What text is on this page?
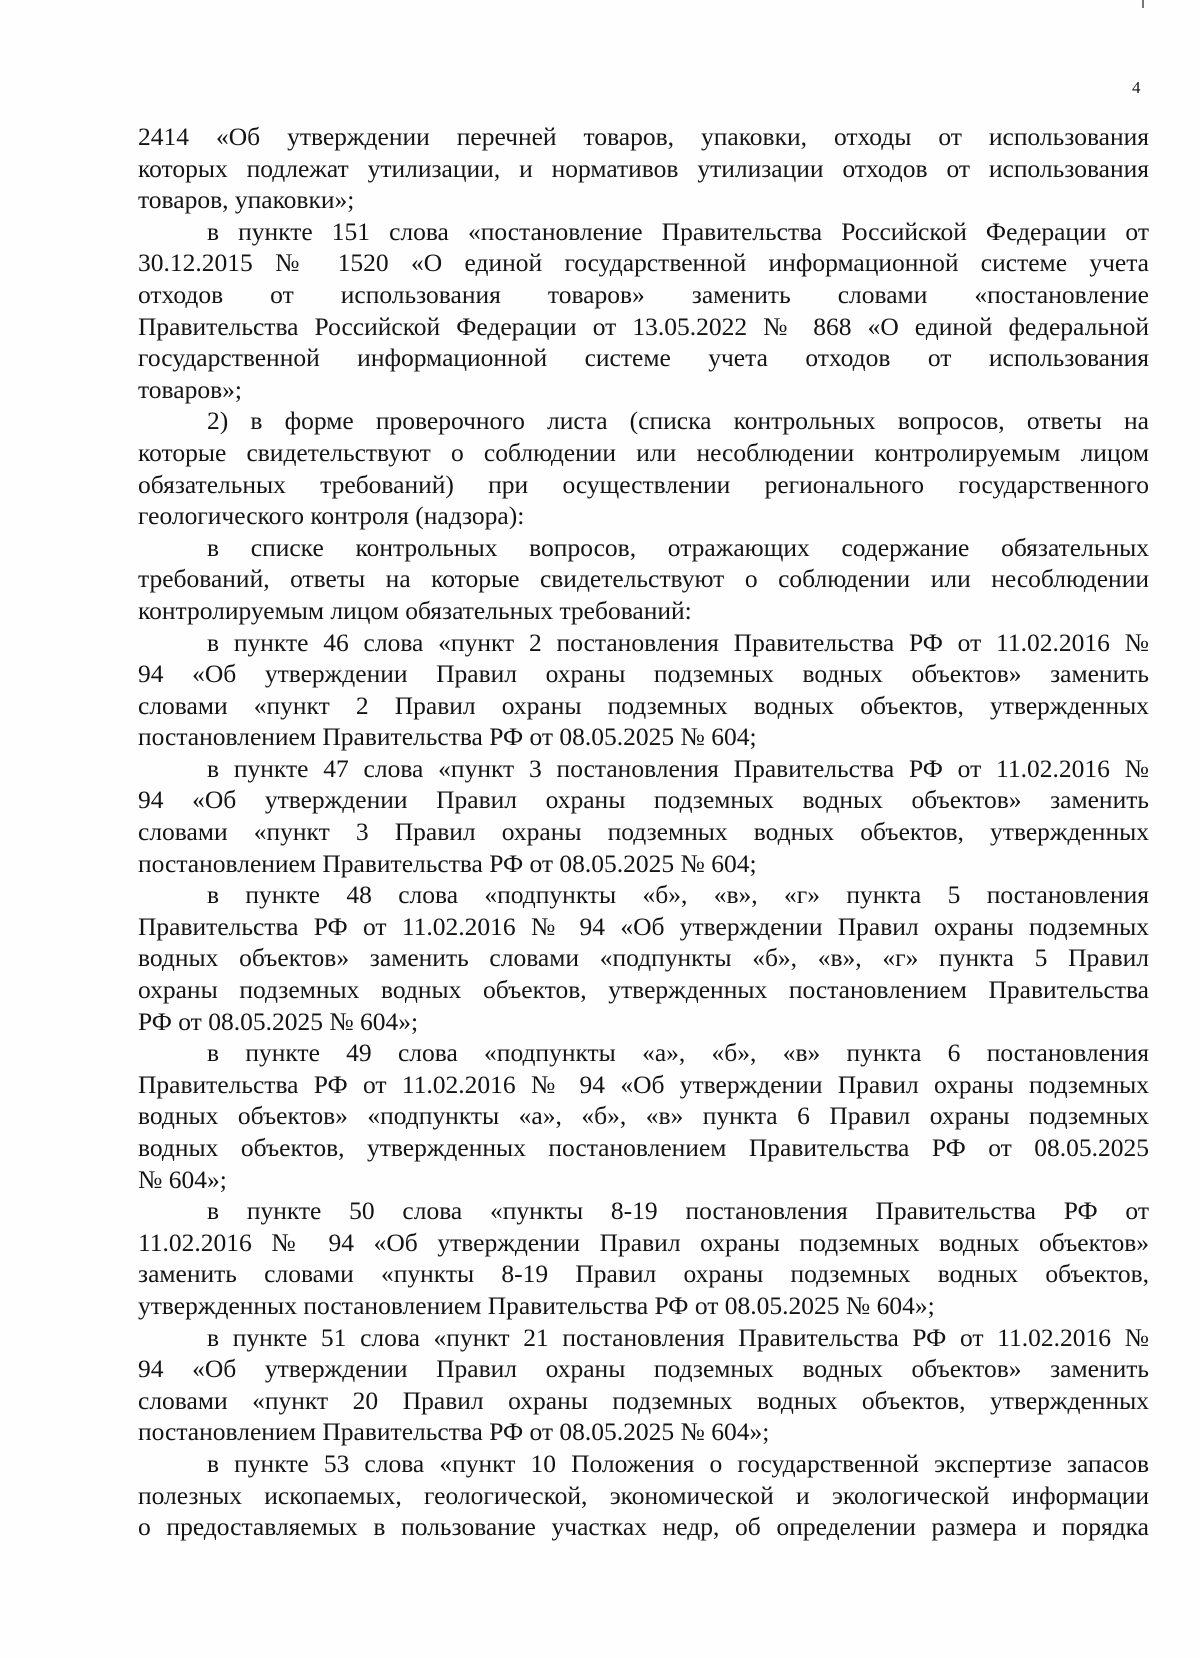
4
2414 «Об утверждении перечней товаров, упаковки, отходы от использования
которых подлежат утилизации, и нормативов утилизации отходов от использования
товаров, упаковки»;
в пункте 151 слова «постановление Правительства Российской Федерации от
30.12.2015 № 1520 «О единой государственной информационной системе учета
отходов от использования товаров» заменить словами «постановление
Правительства Российской Федерации от 13.05.2022 № 868 «О единой федеральной
государственной информационной системе учета отходов от использования
товаров»;
2) в форме проверочного листа (списка контрольных вопросов, ответы на
которые свидетельствуют о соблюдении или несоблюдении контролируемым лицом
обязательных требований) при осуществлении регионального государственного
геологического контроля (надзора):
в списке контрольных вопросов, отражающих содержание обязательных
требований, ответы на которые свидетельствуют о соблюдении или несоблюдении
контролируемым лицом обязательных требований:
в пункте 46 слова «пункт 2 постановления Правительства РФ от 11.02.2016 №
94 «Об утверждении Правил охраны подземных водных объектов» заменить
словами «пункт 2 Правил охраны подземных водных объектов, утвержденных
постановлением Правительства РФ от 08.05.2025 № 604;
в пункте 47 слова «пункт 3 постановления Правительства РФ от 11.02.2016 №
94 «Об утверждении Правил охраны подземных водных объектов» заменить
словами «пункт 3 Правил охраны подземных водных объектов, утвержденных
постановлением Правительства РФ от 08.05.2025 № 604;
в пункте 48 слова «подпункты «б», «в», «г» пункта 5 постановления
Правительства РФ от 11.02.2016 № 94 «Об утверждении Правил охраны подземных
водных объектов» заменить словами «подпункты «б», «в», «г» пункта 5 Правил
охраны подземных водных объектов, утвержденных постановлением Правительства
РФ от 08.05.2025 № 604»;
в пункте 49 слова «подпункты «а», «б», «в» пункта 6 постановления
Правительства РФ от 11.02.2016 № 94 «Об утверждении Правил охраны подземных
водных объектов» «подпункты «а», «б», «в» пункта 6 Правил охраны подземных
водных объектов, утвержденных постановлением Правительства РФ от 08.05.2025
№ 604»;
в пункте 50 слова «пункты 8-19 постановления Правительства РФ от
11.02.2016 № 94 «Об утверждении Правил охраны подземных водных объектов»
заменить словами «пункты 8-19 Правил охраны подземных водных объектов,
утвержденных постановлением Правительства РФ от 08.05.2025 № 604»;
в пункте 51 слова «пункт 21 постановления Правительства РФ от 11.02.2016 №
94 «Об утверждении Правил охраны подземных водных объектов» заменить
словами «пункт 20 Правил охраны подземных водных объектов, утвержденных
постановлением Правительства РФ от 08.05.2025 № 604»;
в пункте 53 слова «пункт 10 Положения о государственной экспертизе запасов
полезных ископаемых, геологической, экономической и экологической информации
о предоставляемых в пользование участках недр, об определении размера и порядка
